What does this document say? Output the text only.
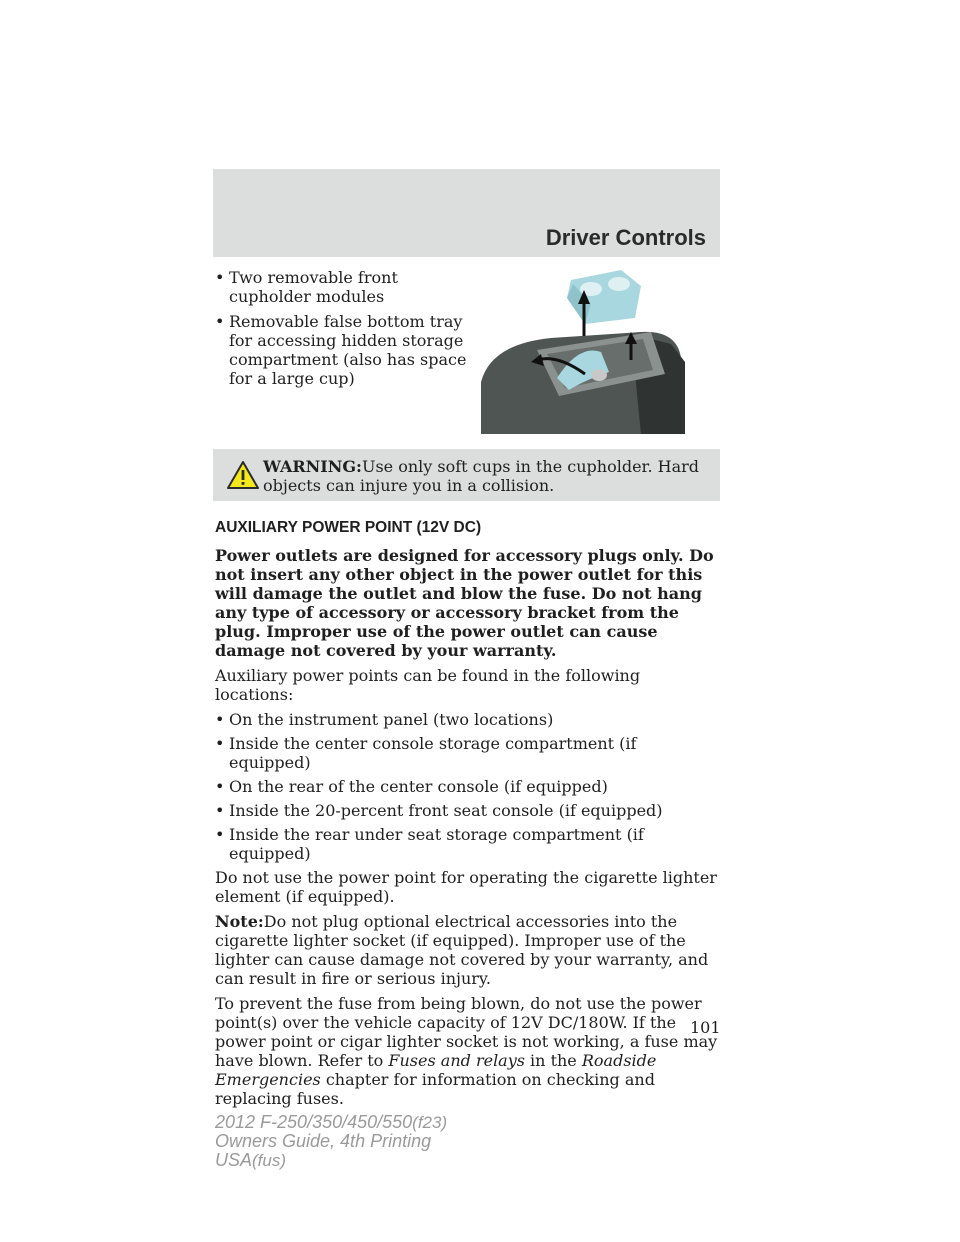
Driver Controls
• Two removable front cupholder modules
• Removable false bottom tray for accessing hidden storage compartment (also has space for a large cup)
WARNING:Use only soft cups in the cupholder. Hard objects can injure you in a collision.
AUXILIARY POWER POINT (12V DC)

Power outlets are designed for accessory plugs only. Do not insert any other object in the power outlet for this will damage the outlet and blow the fuse. Do not hang any type of accessory or accessory bracket from the plug. Improper use of the power outlet can cause damage not covered by your warranty.

Auxiliary power points can be found in the following locations:

• On the instrument panel (two locations)
• Inside the center console storage compartment (if equipped)
• On the rear of the center console (if equipped)
• Inside the 20-percent front seat console (if equipped)
• Inside the rear under seat storage compartment (if equipped)

Do not use the power point for operating the cigarette lighter element (if equipped).

Note:Do not plug optional electrical accessories into the cigarette lighter socket (if equipped). Improper use of the lighter can cause damage not covered by your warranty, and can result in fire or serious injury.

To prevent the fuse from being blown, do not use the power point(s) over the vehicle capacity of 12V DC/180W. If the power point or cigar lighter socket is not working, a fuse may have blown. Refer to Fuses and relays in the Roadside Emergencies chapter for information on checking and replacing fuses.

101
2012 F-250/350/450/550(f23)
Owners Guide, 4th Printing
USA(fus)
